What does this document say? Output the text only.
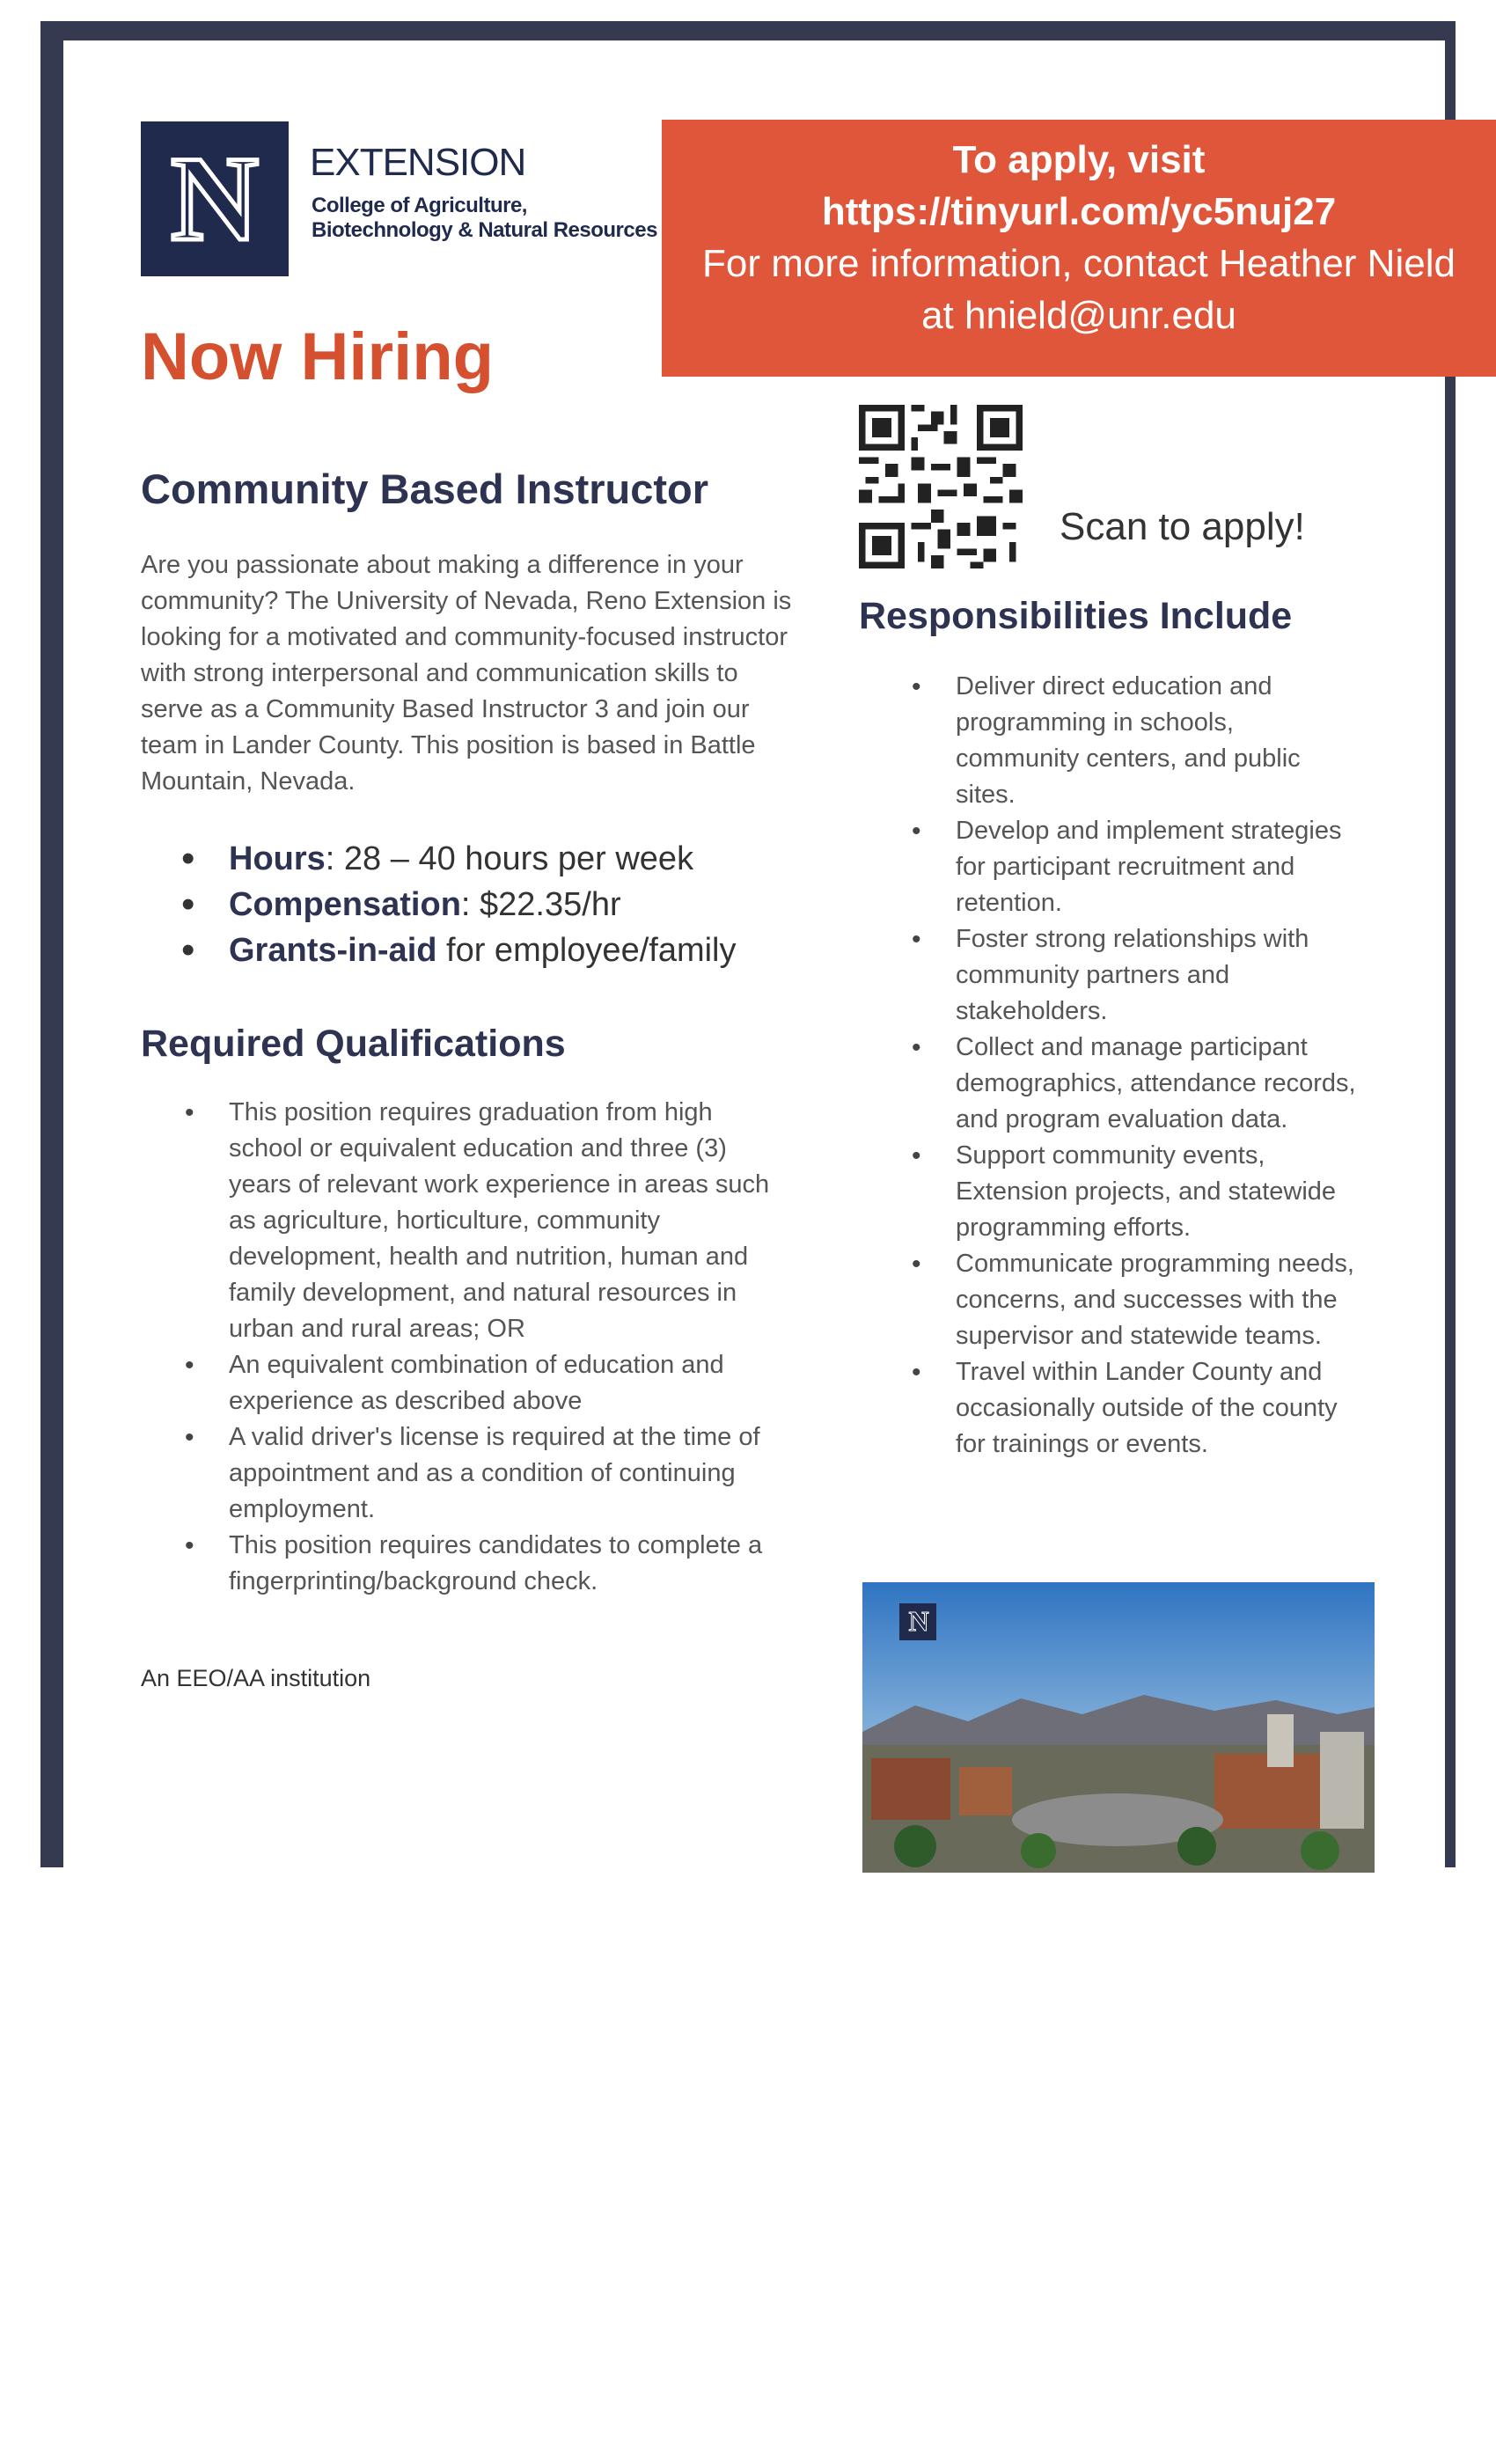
N EXTENSION
College of Agriculture, Biotechnology & Natural Resources
To apply, visit
https://tinyurl.com/yc5nuj27
For more information, contact Heather Nield
at hnield@unr.edu
Now Hiring
Scan to apply!
Community Based Instructor
Are you passionate about making a difference in your community? The University of Nevada, Reno Extension is looking for a motivated and community-focused instructor with strong interpersonal and communication skills to serve as a Community Based Instructor 3 and join our team in Lander County. This position is based in Battle Mountain, Nevada.
• Hours: 28 – 40 hours per week
• Compensation: $22.35/hr
• Grants-in-aid for employee/family
Required Qualifications
• This position requires graduation from high school or equivalent education and three (3) years of relevant work experience in areas such as agriculture, horticulture, community development, health and nutrition, human and family development, and natural resources in urban and rural areas; OR
• An equivalent combination of education and experience as described above
• A valid driver's license is required at the time of appointment and as a condition of continuing employment.
• This position requires candidates to complete a fingerprinting/background check.
Responsibilities Include
• Deliver direct education and programming in schools, community centers, and public sites.
• Develop and implement strategies for participant recruitment and retention.
• Foster strong relationships with community partners and stakeholders.
• Collect and manage participant demographics, attendance records, and program evaluation data.
• Support community events, Extension projects, and statewide programming efforts.
• Communicate programming needs, concerns, and successes with the supervisor and statewide teams.
• Travel within Lander County and occasionally outside of the county for trainings or events.
An EEO/AA institution
N
